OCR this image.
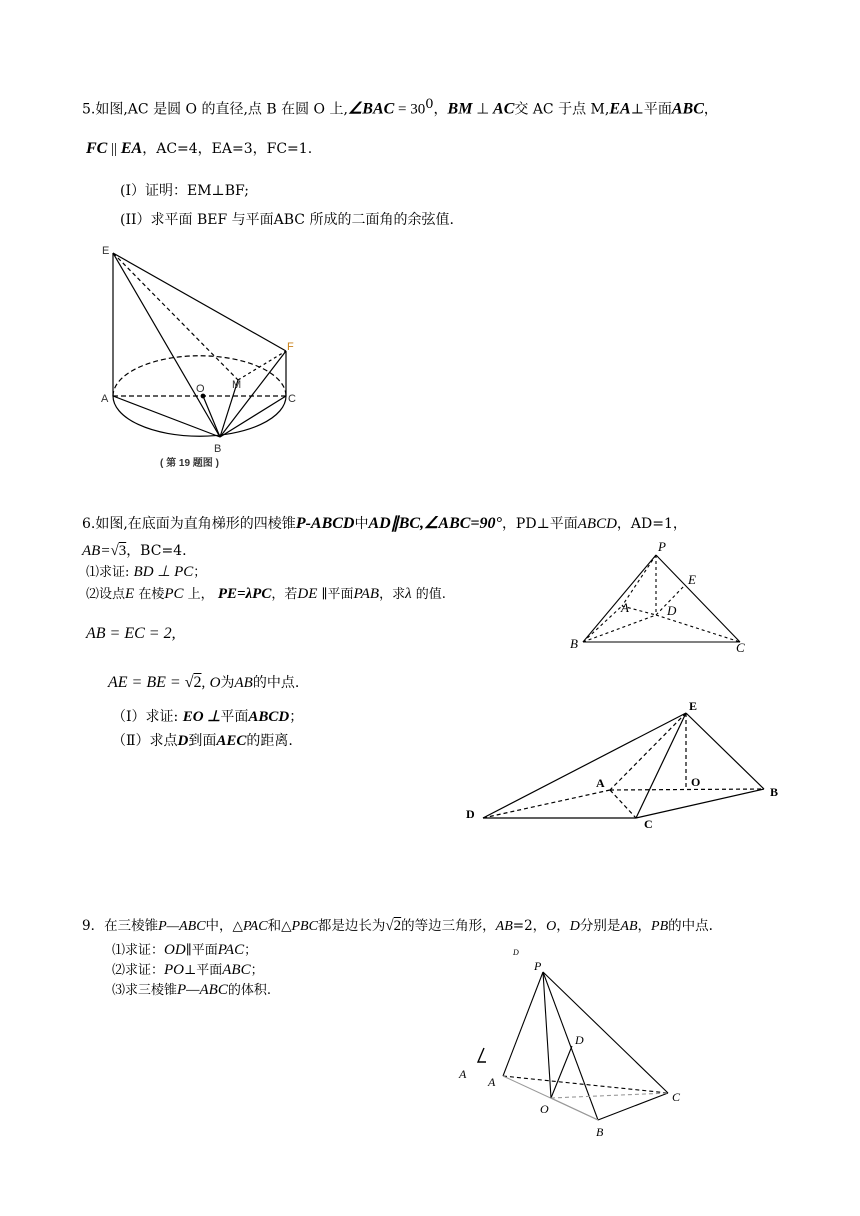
5.如图,AC 是圆 O 的直径,点 B 在圆 O 上,∠BAC = $30^0$，BM ⊥ AC交 AC 于点 M,EA⊥平面ABC，
FC || EA，AC=4，EA=3，FC=1.
(I）证明：EM⊥BF;
(II）求平面 BEF 与平面ABC 所成的二面角的余弦值.
E
A
O M
C
F
B
( 第 19 题图 )
6.如图,在底面为直角梯形的四棱锥P-ABCD中AD∥BC,∠ABC=90°，PD⊥平面ABCD，AD=1，
AB=√3，BC=4.
⑴求证: BD ⊥ PC；
⑵设点E 在棱PC 上， PE=λPC，若DE ∥平面PAB，求λ 的值.
P
E
A	D
B	C
AB = EC = 2,
AE = BE = √2, O为AB的中点.
（Ⅰ）求证: EO ⊥平面ABCD；
（Ⅱ）求点D到面AEC的距离.
E
A	O
B
D
C
9．在三棱锥P—ABC中，△PAC和△PBC都是边长为√2的等边三角形，AB=2，O，D分别是AB，PB的中点.
⑴求证：OD∥平面PAC；
⑵求证：PO⊥平面ABC；
⑶求三棱锥P—ABC的体积.
D
P
D
A
A
O
B
C
